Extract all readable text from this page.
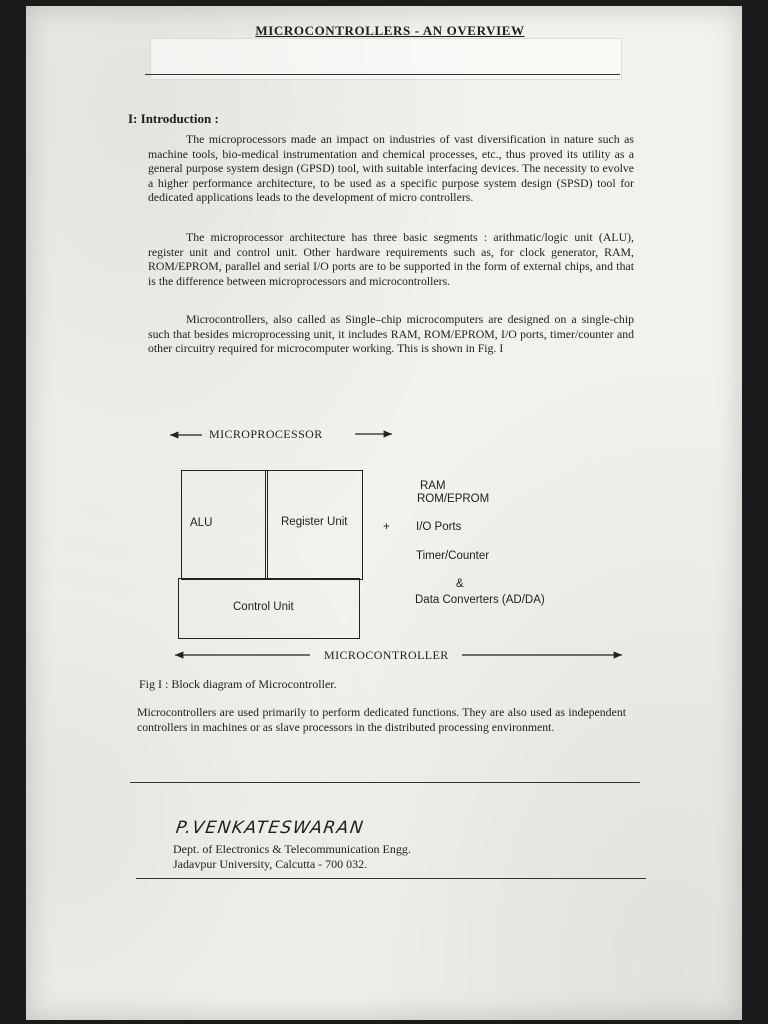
MICROCONTROLLERS - AN OVERVIEW
I: Introduction :

The microprocessors made an impact on industries of vast diversification in nature such as machine tools, bio-medical instrumentation and chemical processes, etc., thus proved its utility as a general purpose system design (GPSD) tool, with suitable interfacing devices. The necessity to evolve a higher performance architecture, to be used as a specific purpose system design (SPSD) tool for dedicated applications leads to the development of micro controllers.

The microprocessor architecture has three basic segments : arithmatic/logic unit (ALU), register unit and control unit. Other hardware requirements such as, for clock generator, RAM, ROM/EPROM, parallel and serial I/O ports are to be supported in the form of external chips, and that is the difference between microprocessors and microcontrollers.

Microcontrollers, also called as Single–chip microcomputers are designed on a single-chip such that besides microprocessing unit, it includes RAM, ROM/EPROM, I/O ports, timer/counter and other circuitry required for microcomputer working. This is shown in Fig. I

MICROPROCESSOR
ALU	Register Unit
Control Unit
+
RAM
ROM/EPROM
I/O Ports
Timer/Counter
&
Data Converters (AD/DA)
MICROCONTROLLER
Fig I : Block diagram of Microcontroller.

Microcontrollers are used primarily to perform dedicated functions. They are also used as independent controllers in machines or as slave processors in the distributed processing environment.

P.VENKATESWARAN
Dept. of Electronics & Telecommunication Engg.
Jadavpur University, Calcutta - 700 032.
